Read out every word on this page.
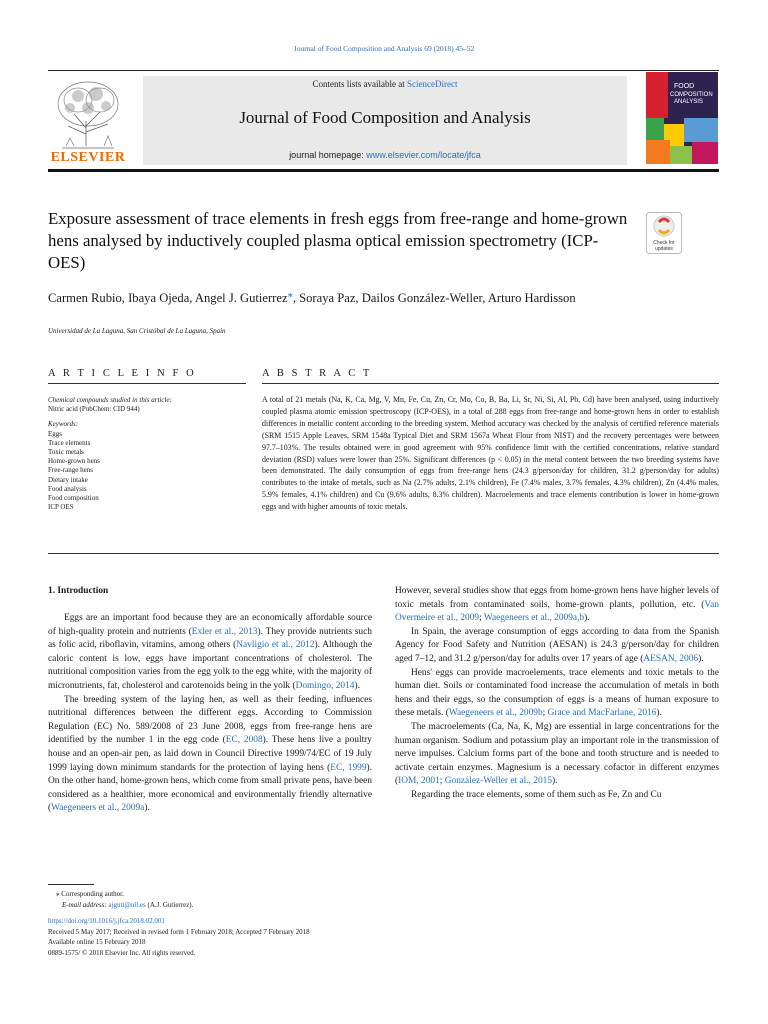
Journal of Food Composition and Analysis 69 (2018) 45–52
ELSEVIER
Contents lists available at ScienceDirect
Journal of Food Composition and Analysis
journal homepage: www.elsevier.com/locate/jfca
FOOD
COMPOSITION
ANALYSIS
Exposure assessment of trace elements in fresh eggs from free-range and home-grown hens analysed by inductively coupled plasma optical emission spectrometry (ICP-OES)
Check for
updates
Carmen Rubio, Ibaya Ojeda, Angel J. Gutierrez⁎, Soraya Paz, Dailos González-Weller, Arturo Hardisson
Universidad de La Laguna, San Cristóbal de La Laguna, Spain
A R T I C L E I N F O	A B S T R A C T
Chemical compounds studied in this article:
Nitric acid (PubChem: CID 944)
Keywords:
Eggs
Trace elements
Toxic metals
Home-grown hens
Free-range hens
Dietary intake
Food analysis
Food composition
ICP OES
A total of 21 metals (Na, K, Ca, Mg, V, Mn, Fe, Cu, Zn, Cr, Mo, Co, B, Ba, Li, Sr, Ni, Si, Al, Pb, Cd) have been analysed, using inductively coupled plasma atomic emission spectroscopy (ICP-OES), in a total of 288 eggs from free-range and home-grown hens in order to establish differences in metallic content according to the breeding system. Method accuracy was checked by the analysis of certified reference materials (SRM 1515 Apple Leaves, SRM 1548a Typical Diet and SRM 1567a Wheat Flour from NIST) and the recovery percentages were between 97.7–103%. The results obtained were in good agreement with 95% confidence limit with the certified concentrations, relative standard deviation (RSD) values were lower than 25%. Significant differences (p < 0.05) in the metal content between the two breeding systems have been demonstrated. The daily consumption of eggs from free-range hens (24.3 g/person/day for children, 31.2 g/person/day for adults) contributes to the intake of metals, such as Na (2.7% adults, 2.1% children), Fe (7.4% males, 3.7% females, 4.3% children), Zn (4.4% males, 5.9% females, 4.1% children) and Cu (9.6% adults, 8.3% children). Macroelements and trace elements contribution is lower in home-grown eggs and with higher amounts of toxic metals.
1. Introduction

Eggs are an important food because they are an economically affordable source of high-quality protein and nutrients (Exler et al., 2013). They provide nutrients such as folic acid, riboflavin, vitamins, among others (Navligio et al., 2012). Although the caloric content is low, eggs have important concentrations of cholesterol. The nutritional composition varies from the egg yolk to the egg white, with the majority of micronutrients, fat, cholesterol and carotenoids being in the yolk (Domingo, 2014).

The breeding system of the laying hen, as well as their feeding, influences nutritional differences between the different eggs. According to Commission Regulation (EC) No. 589/2008 of 23 June 2008, eggs from free-range hens are identified by the number 1 in the egg code (EC, 2008). These hens live a poultry house and an open-air pen, as laid down in Council Directive 1999/74/EC of 19 July 1999 laying down minimum standards for the protection of laying hens (EC, 1999). On the other hand, home-grown hens, which come from small private pens, have been considered as a healthier, more economical and environmentally friendly alternative (Waegeneers et al., 2009a).

However, several studies show that eggs from home-grown hens have higher levels of toxic metals from contaminated soils, home-grown plants, pollution, etc. (Van Overmeire et al., 2009; Waegeneers et al., 2009a,b).

In Spain, the average consumption of eggs according to data from the Spanish Agency for Food Safety and Nutrition (AESAN) is 24.3 g/person/day for children aged 7–12, and 31.2 g/person/day for adults over 17 years of age (AESAN, 2006).

Hens' eggs can provide macroelements, trace elements and toxic metals to the human diet. Soils or contaminated food increase the accumulation of metals in both hens and their eggs, so the consumption of eggs is a means of human exposure to these metals. (Waegeneers et al., 2009b; Grace and MacFarlane, 2016).

The macroelements (Ca, Na, K, Mg) are essential in large concentrations for the human organism. Sodium and potassium play an important role in the transmission of nerve impulses. Calcium forms part of the bone and tooth structure and is needed to activate certain enzymes. Magnesium is a necessary cofactor in different enzymes (IOM, 2001; González-Weller et al., 2015).

Regarding the trace elements, some of them such as Fe, Zn and Cu

⁎ Corresponding author.
E-mail address: ajguti@ull.es (A.J. Gutierrez).
https://doi.org/10.1016/j.jfca.2018.02.001
Received 5 May 2017; Received in revised form 1 February 2018; Accepted 7 February 2018
Available online 15 February 2018
0889-1575/ © 2018 Elsevier Inc. All rights reserved.
